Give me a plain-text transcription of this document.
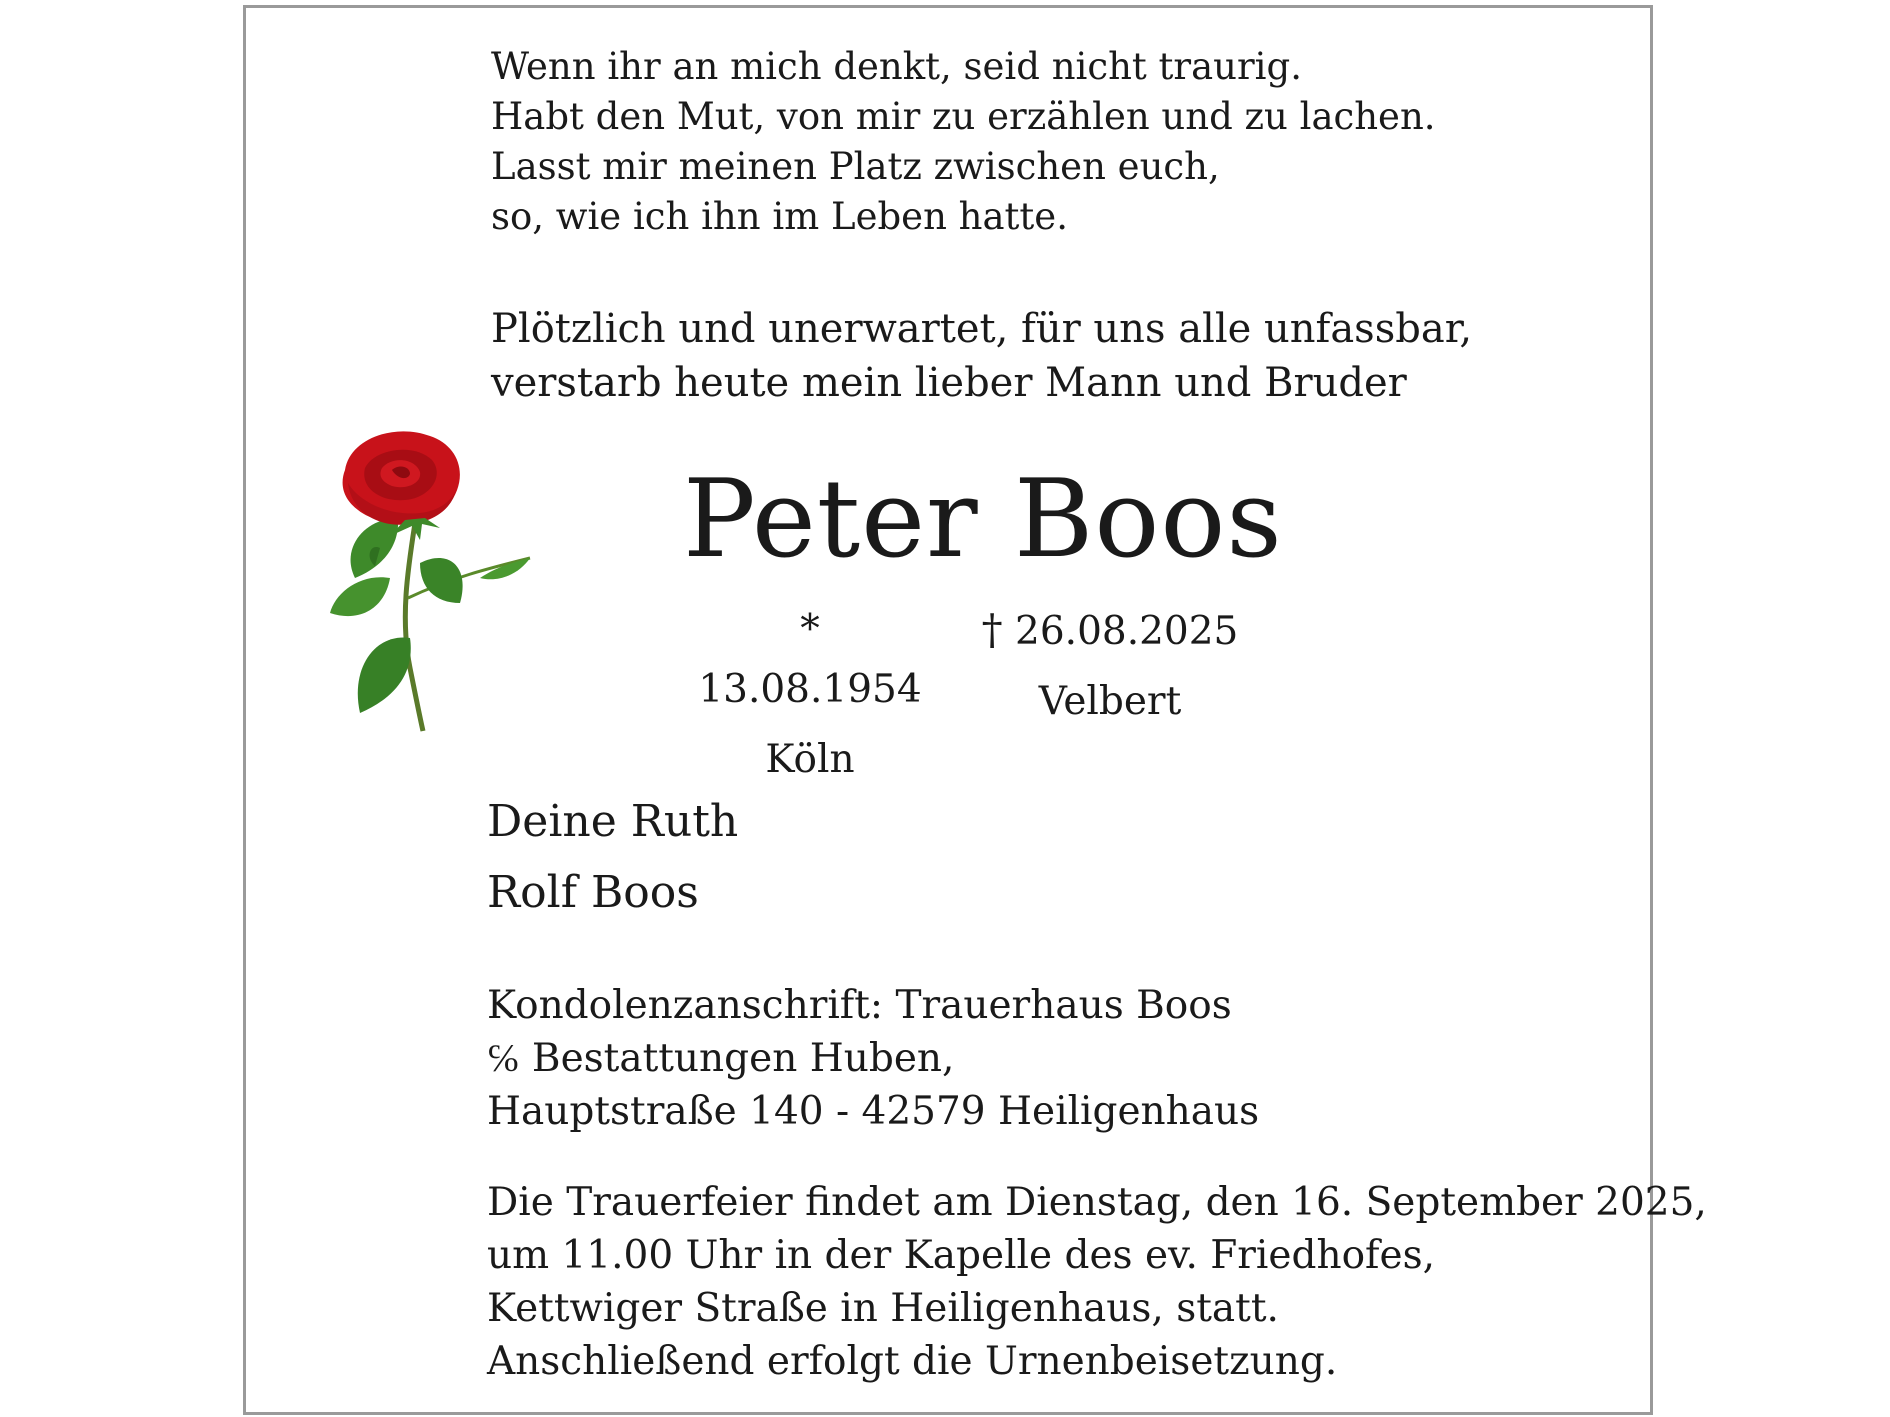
Wenn ihr an mich denkt, seid nicht traurig.
Habt den Mut, von mir zu erzählen und zu lachen.
Lasst mir meinen Platz zwischen euch,
so, wie ich ihn im Leben hatte.
Plötzlich und unerwartet, für uns alle unfassbar,
verstarb heute mein lieber Mann und Bruder
Peter Boos
* 13.08.1954
Köln
† 26.08.2025
Velbert
Deine Ruth
Rolf Boos
Kondolenzanschrift: Trauerhaus Boos
℅ Bestattungen Huben,
Hauptstraße 140 - 42579 Heiligenhaus
Die Trauerfeier findet am Dienstag, den 16. September 2025,
um 11.00 Uhr in der Kapelle des ev. Friedhofes,
Kettwiger Straße in Heiligenhaus, statt.
Anschließend erfolgt die Urnenbeisetzung.
